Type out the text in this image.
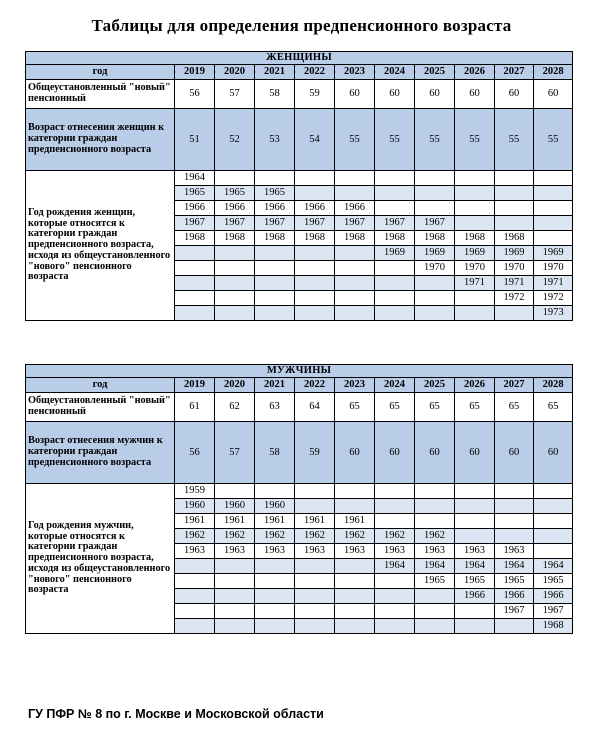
Таблицы для определения предпенсионного возраста
ЖЕНЩИНЫ										
год	2019	2020	2021	2022	2023	2024	2025	2026	2027	2028
Общеустановленный "новый" пенсионный	56	57	58	59	60	60	60	60	60	60
Возраст отнесения женщин к категории граждан предпенсионного возраста	51	52	53	54	55	55	55	55	55	55
Год рождения женщин, которые относятся к категории граждан предпенсионного возраста, исходя из общеустановленного "нового" пенсионного возраста	1964									
	1965	1965	1965							
	1966	1966	1966	1966	1966					
	1967	1967	1967	1967	1967	1967	1967			
	1968	1968	1968	1968	1968	1968	1968	1968	1968	
						1969	1969	1969	1969	1969
							1970	1970	1970	1970
								1971	1971	1971
									1972	1972
										1973
МУЖЧИНЫ										
год	2019	2020	2021	2022	2023	2024	2025	2026	2027	2028
Общеустановленный "новый" пенсионный	61	62	63	64	65	65	65	65	65	65
Возраст отнесения мужчин к категории граждан предпенсионного возраста	56	57	58	59	60	60	60	60	60	60
Год рождения мужчин, которые относятся к категории граждан предпенсионного возраста, исходя из общеустановленного "нового" пенсионного возраста	1959									
	1960	1960	1960							
	1961	1961	1961	1961	1961					
	1962	1962	1962	1962	1962	1962	1962			
	1963	1963	1963	1963	1963	1963	1963	1963	1963	
						1964	1964	1964	1964	1964
							1965	1965	1965	1965
								1966	1966	1966
									1967	1967
										1968
ГУ ПФР № 8 по г. Москве и Московской области
